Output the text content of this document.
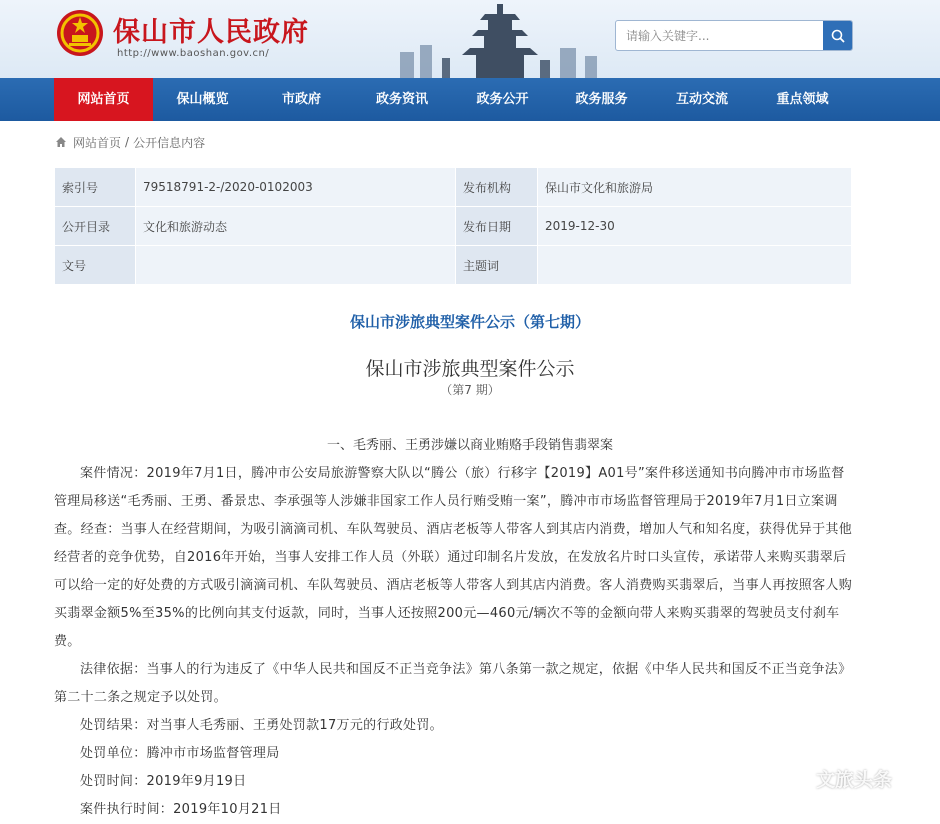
保山市人民政府
http://www.baoshan.gov.cn/
请输入关键字...
网站首页	保山概览	市政府	政务资讯	政务公开	政务服务	互动交流	重点领域
网站首页 / 公开信息内容
索引号	79518791-2-/2020-0102003	发布机构	保山市文化和旅游局
公开目录	文化和旅游动态	发布日期	2019-12-30
文号		主题词	
保山市涉旅典型案件公示（第七期）
保山市涉旅典型案件公示
（第7 期）
一、毛秀丽、王勇涉嫌以商业贿赂手段销售翡翠案

案件情况：2019年7月1日，腾冲市公安局旅游警察大队以“腾公（旅）行移字【2019】A01号”案件移送通知书向腾冲市市场监督管理局移送“毛秀丽、王勇、番景忠、李承强等人涉嫌非国家工作人员行贿受贿一案”，腾冲市市场监督管理局于2019年7月1日立案调查。经查：当事人在经营期间，为吸引滴滴司机、车队驾驶员、酒店老板等人带客人到其店内消费，增加人气和知名度，获得优异于其他经营者的竞争优势，自2016年开始，当事人安排工作人员（外联）通过印制名片发放，在发放名片时口头宣传，承诺带人来购买翡翠后可以给一定的好处费的方式吸引滴滴司机、车队驾驶员、酒店老板等人带客人到其店内消费。客人消费购买翡翠后，当事人再按照客人购买翡翠金额5%至35%的比例向其支付返款，同时，当事人还按照200元—460元/辆次不等的金额向带人来购买翡翠的驾驶员支付刹车费。

法律依据：当事人的行为违反了《中华人民共和国反不正当竞争法》第八条第一款之规定，依据《中华人民共和国反不正当竞争法》第二十二条之规定予以处罚。

处罚结果：对当事人毛秀丽、王勇处罚款17万元的行政处罚。

处罚单位：腾冲市市场监督管理局

处罚时间：2019年9月19日

案件执行时间：2019年10月21日

文旅头条
